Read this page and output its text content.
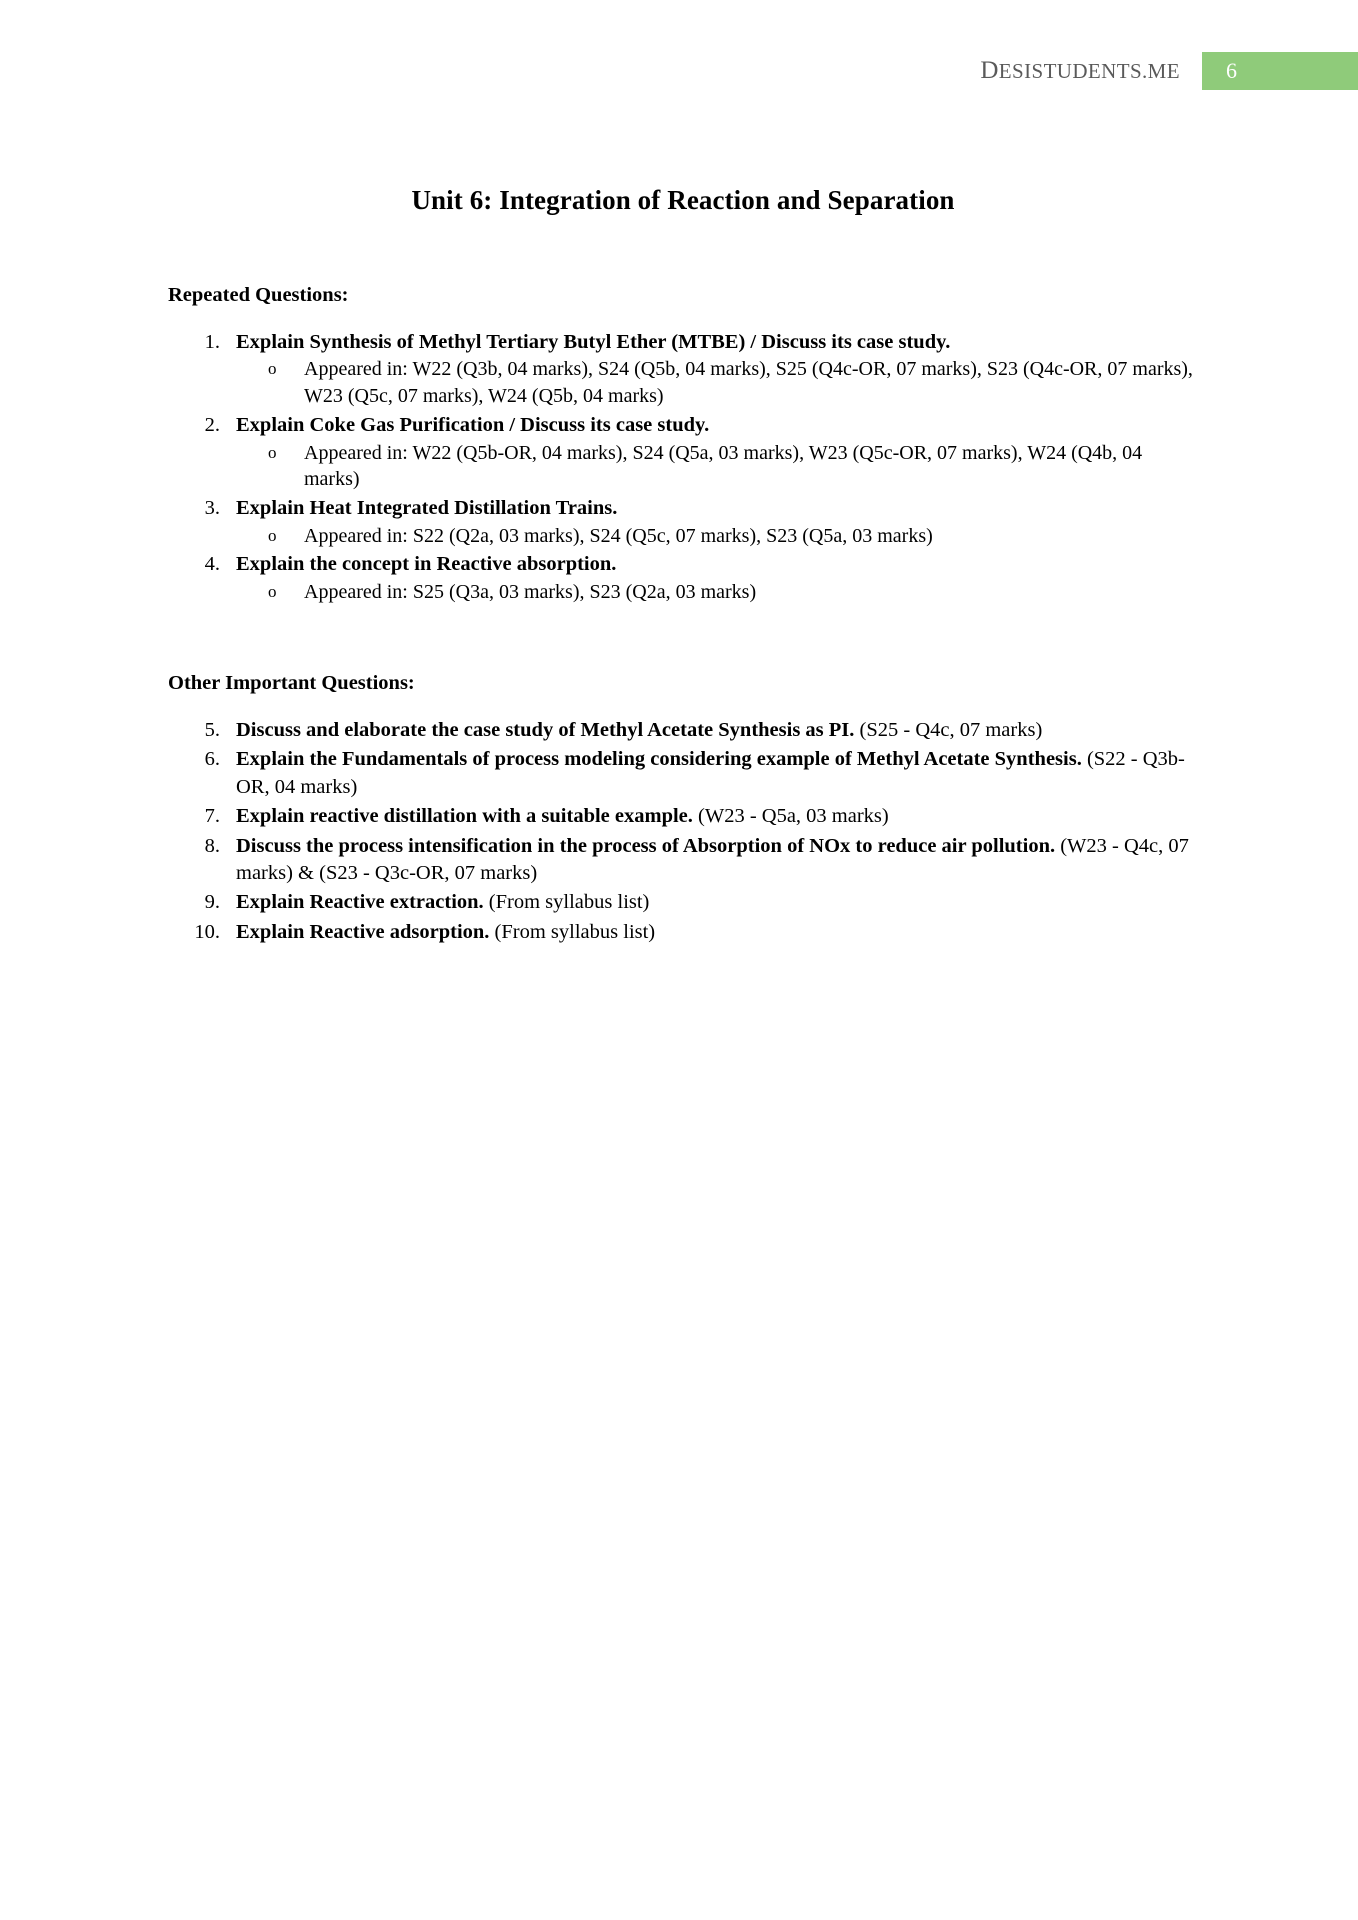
D ESISTUDENTS.ME	6
Unit 6: Integration of Reaction and Separation
Repeated Questions:
1. Explain Synthesis of Methyl Tertiary Butyl Ether (MTBE) / Discuss its case study.
o Appeared in: W22 (Q3b, 04 marks), S24 (Q5b, 04 marks), S25 (Q4c-OR, 07 marks), S23 (Q4c-OR, 07 marks), W23 (Q5c, 07 marks), W24 (Q5b, 04 marks)
2. Explain Coke Gas Purification / Discuss its case study.
o Appeared in: W22 (Q5b-OR, 04 marks), S24 (Q5a, 03 marks), W23 (Q5c-OR, 07 marks), W24 (Q4b, 04 marks)
3. Explain Heat Integrated Distillation Trains.
o Appeared in: S22 (Q2a, 03 marks), S24 (Q5c, 07 marks), S23 (Q5a, 03 marks)
4. Explain the concept in Reactive absorption.
o Appeared in: S25 (Q3a, 03 marks), S23 (Q2a, 03 marks)
Other Important Questions:
5. Discuss and elaborate the case study of Methyl Acetate Synthesis as PI. (S25 - Q4c, 07 marks)
6. Explain the Fundamentals of process modeling considering example of Methyl Acetate Synthesis. (S22 - Q3b-OR, 04 marks)
7. Explain reactive distillation with a suitable example. (W23 - Q5a, 03 marks)
8. Discuss the process intensification in the process of Absorption of NOx to reduce air pollution. (W23 - Q4c, 07 marks) & (S23 - Q3c-OR, 07 marks)
9. Explain Reactive extraction. (From syllabus list)
10. Explain Reactive adsorption. (From syllabus list)
